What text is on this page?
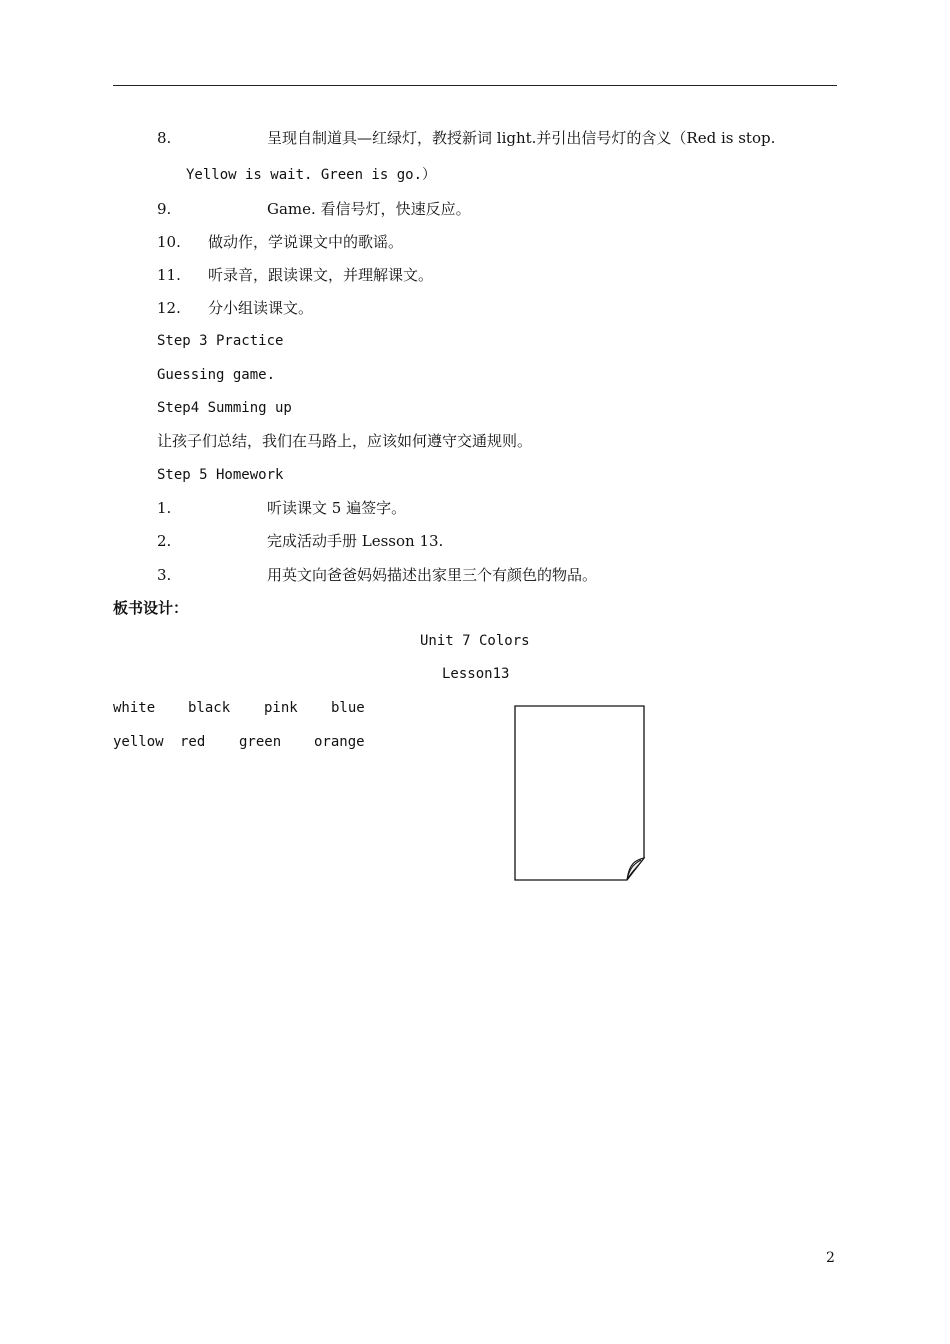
8.	呈现自制道具—红绿灯，教授新词 light.并引出信号灯的含义（Red is stop.
Yellow is wait. Green is go.）
9.	Game. 看信号灯，快速反应。
10. 做动作，学说课文中的歌谣。
11. 听录音，跟读课文，并理解课文。
12. 分小组读课文。
Step 3 Practice
Guessing game.
Step4 Summing up
让孩子们总结，我们在马路上，应该如何遵守交通规则。
Step 5 Homework
1.	听读课文 5 遍签字。
2.	完成活动手册 Lesson 13.
3.	用英文向爸爸妈妈描述出家里三个有颜色的物品。
板书设计：
Unit 7 Colors
Lesson13
white black pink blue
yellow red green orange
2
